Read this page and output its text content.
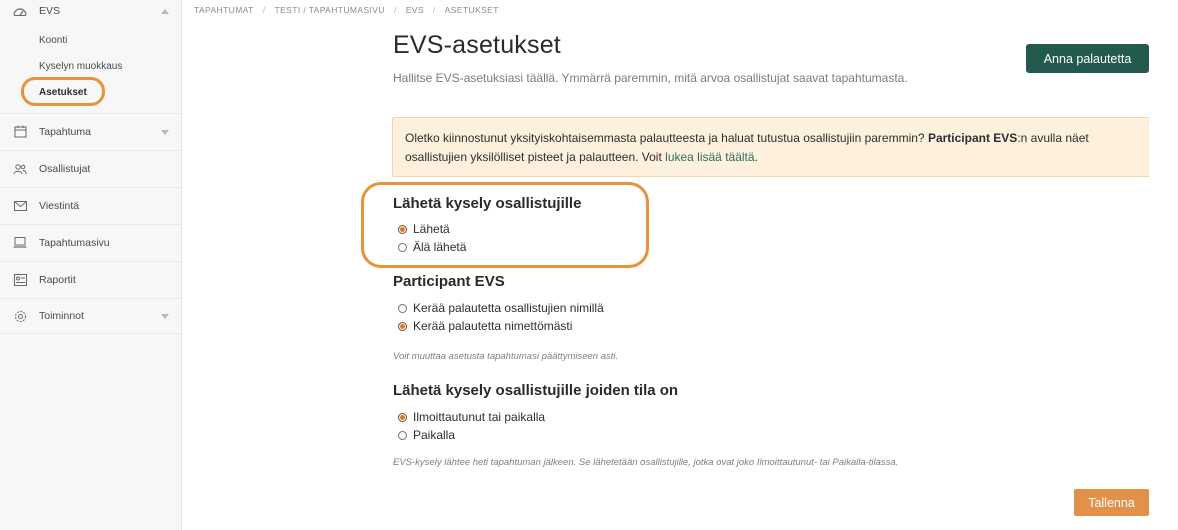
EVS
Koonti
Kyselyn muokkaus
Asetukset
Tapahtuma
Osallistujat
Viestintä
Tapahtumasivu
Raportit
Toiminnot
TAPAHTUMAT / TESTI / TAPAHTUMASIVU / EVS / ASETUKSET
EVS-asetukset

Hallitse EVS-asetuksiasi täällä. Ymmärrä paremmin, mitä arvoa osallistujat saavat tapahtumasta.

Anna palautetta
Oletko kiinnostunut yksityiskohtaisemmasta palautteesta ja haluat tutustua osallistujiin paremmin? Participant EVS:n avulla näet osallistujien yksilölliset pisteet ja palautteen. Voit lukea lisää täältä.
Lähetä kysely osallistujille
Lähetä
Älä lähetä
Participant EVS
Kerää palautetta osallistujien nimillä
Kerää palautetta nimettömästi

Voit muuttaa asetusta tapahtumasi päättymiseen asti.

Lähetä kysely osallistujille joiden tila on
Ilmoittautunut tai paikalla
Paikalla

EVS-kysely lähtee heti tapahtuman jälkeen. Se lähetetään osallistujille, jotka ovat joko Ilmoittautunut- tai Paikalla-tilassa.

Tallenna
